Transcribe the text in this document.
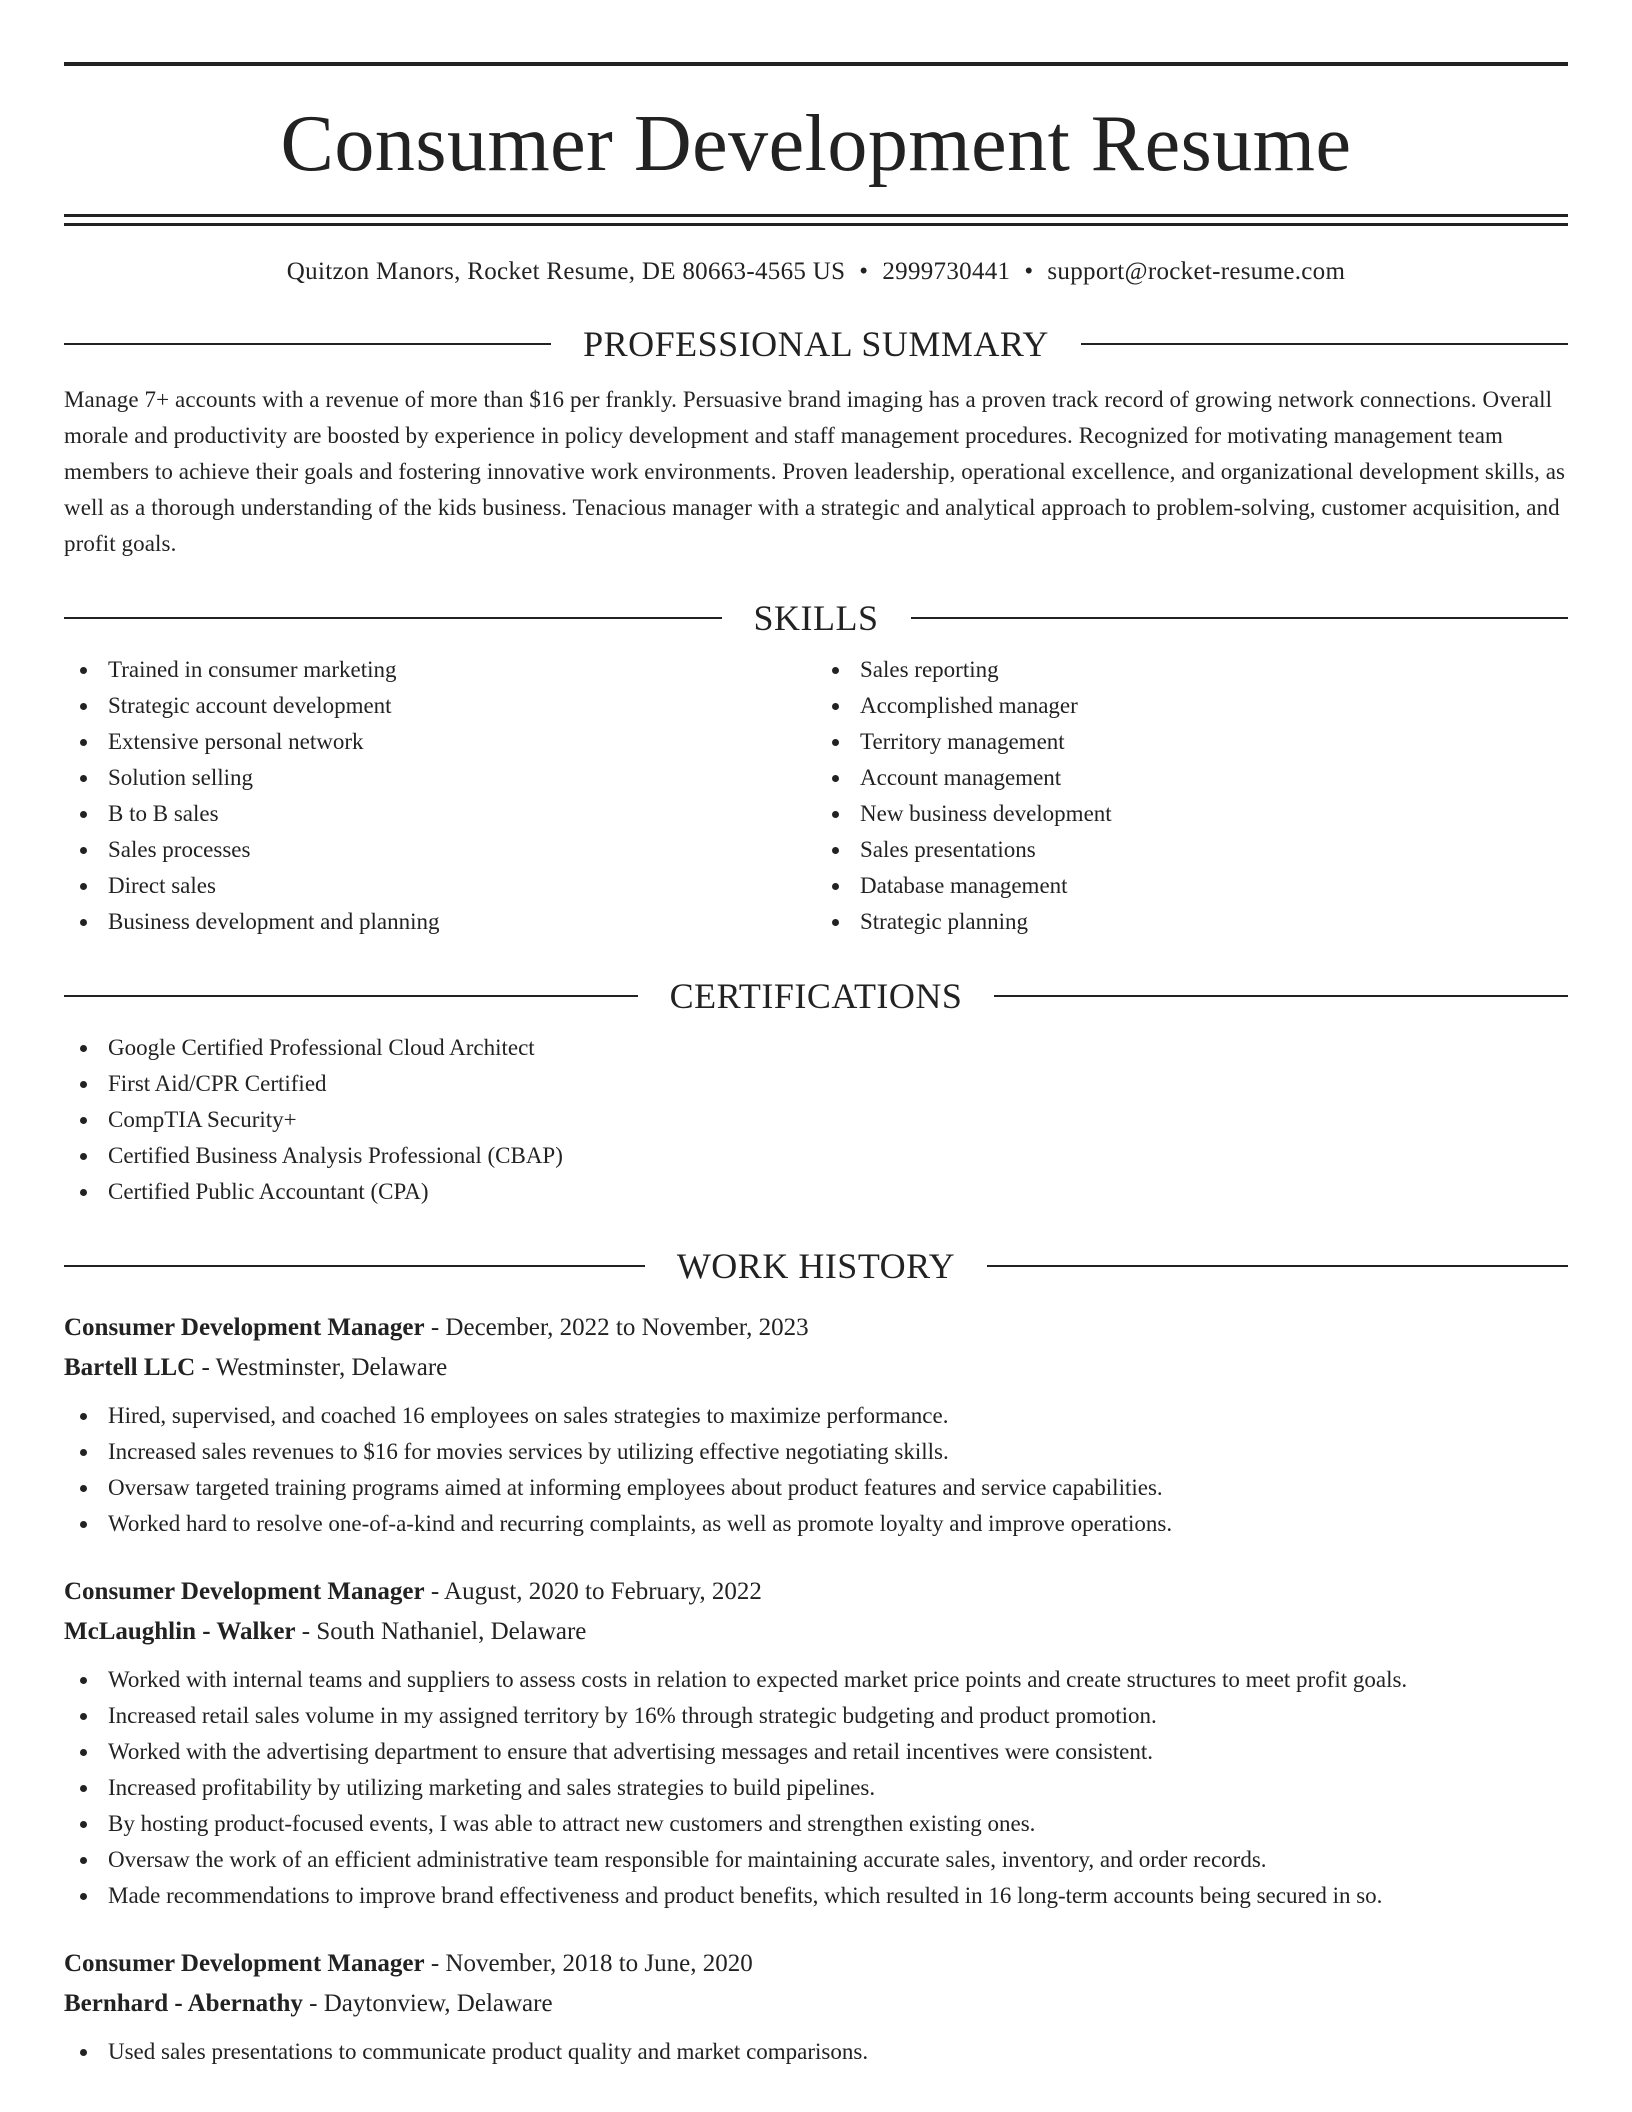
Consumer Development Resume
Quitzon Manors, Rocket Resume, DE 80663-4565 US • 2999730441 • support@rocket-resume.com
PROFESSIONAL SUMMARY
Manage 7+ accounts with a revenue of more than $16 per frankly. Persuasive brand imaging has a proven track record of growing network connections. Overall morale and productivity are boosted by experience in policy development and staff management procedures. Recognized for motivating management team members to achieve their goals and fostering innovative work environments. Proven leadership, operational excellence, and organizational development skills, as well as a thorough understanding of the kids business. Tenacious manager with a strategic and analytical approach to problem-solving, customer acquisition, and profit goals.
SKILLS
Trained in consumer marketing
Strategic account development
Extensive personal network
Solution selling
B to B sales
Sales processes
Direct sales
Business development and planning
Sales reporting
Accomplished manager
Territory management
Account management
New business development
Sales presentations
Database management
Strategic planning
CERTIFICATIONS
Google Certified Professional Cloud Architect
First Aid/CPR Certified
CompTIA Security+
Certified Business Analysis Professional (CBAP)
Certified Public Accountant (CPA)
WORK HISTORY
Consumer Development Manager - December, 2022 to November, 2023
Bartell LLC - Westminster, Delaware
Hired, supervised, and coached 16 employees on sales strategies to maximize performance.
Increased sales revenues to $16 for movies services by utilizing effective negotiating skills.
Oversaw targeted training programs aimed at informing employees about product features and service capabilities.
Worked hard to resolve one-of-a-kind and recurring complaints, as well as promote loyalty and improve operations.
Consumer Development Manager - August, 2020 to February, 2022
McLaughlin - Walker - South Nathaniel, Delaware
Worked with internal teams and suppliers to assess costs in relation to expected market price points and create structures to meet profit goals.
Increased retail sales volume in my assigned territory by 16% through strategic budgeting and product promotion.
Worked with the advertising department to ensure that advertising messages and retail incentives were consistent.
Increased profitability by utilizing marketing and sales strategies to build pipelines.
By hosting product-focused events, I was able to attract new customers and strengthen existing ones.
Oversaw the work of an efficient administrative team responsible for maintaining accurate sales, inventory, and order records.
Made recommendations to improve brand effectiveness and product benefits, which resulted in 16 long-term accounts being secured in so.
Consumer Development Manager - November, 2018 to June, 2020
Bernhard - Abernathy - Daytonview, Delaware
Used sales presentations to communicate product quality and market comparisons.
